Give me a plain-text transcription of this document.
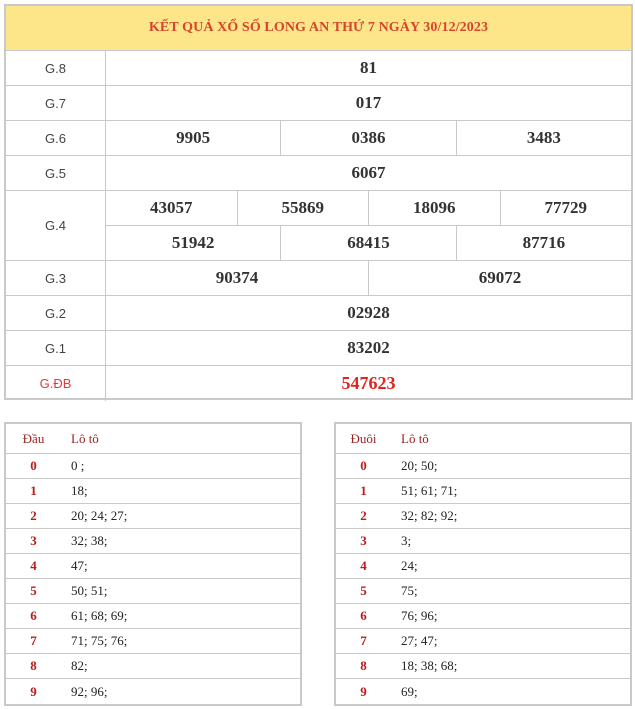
KẾT QUẢ XỔ SỐ LONG AN THỨ 7 NGÀY 30/12/2023
G.8	81
G.7	017
G.6	9905	0386	3483
G.5	6067
G.4
43057	55869	18096	77729
51942	68415	87716
G.3	90374	69072
G.2	02928
G.1	83202
G.ĐB	547623
Đầu	Lô tô
0	0 ;
1	18;
2	20; 24; 27;
3	32; 38;
4	47;
5	50; 51;
6	61; 68; 69;
7	71; 75; 76;
8	82;
9	92; 96;
Đuôi	Lô tô
0	20; 50;
1	51; 61; 71;
2	32; 82; 92;
3	3;
4	24;
5	75;
6	76; 96;
7	27; 47;
8	18; 38; 68;
9	69;
